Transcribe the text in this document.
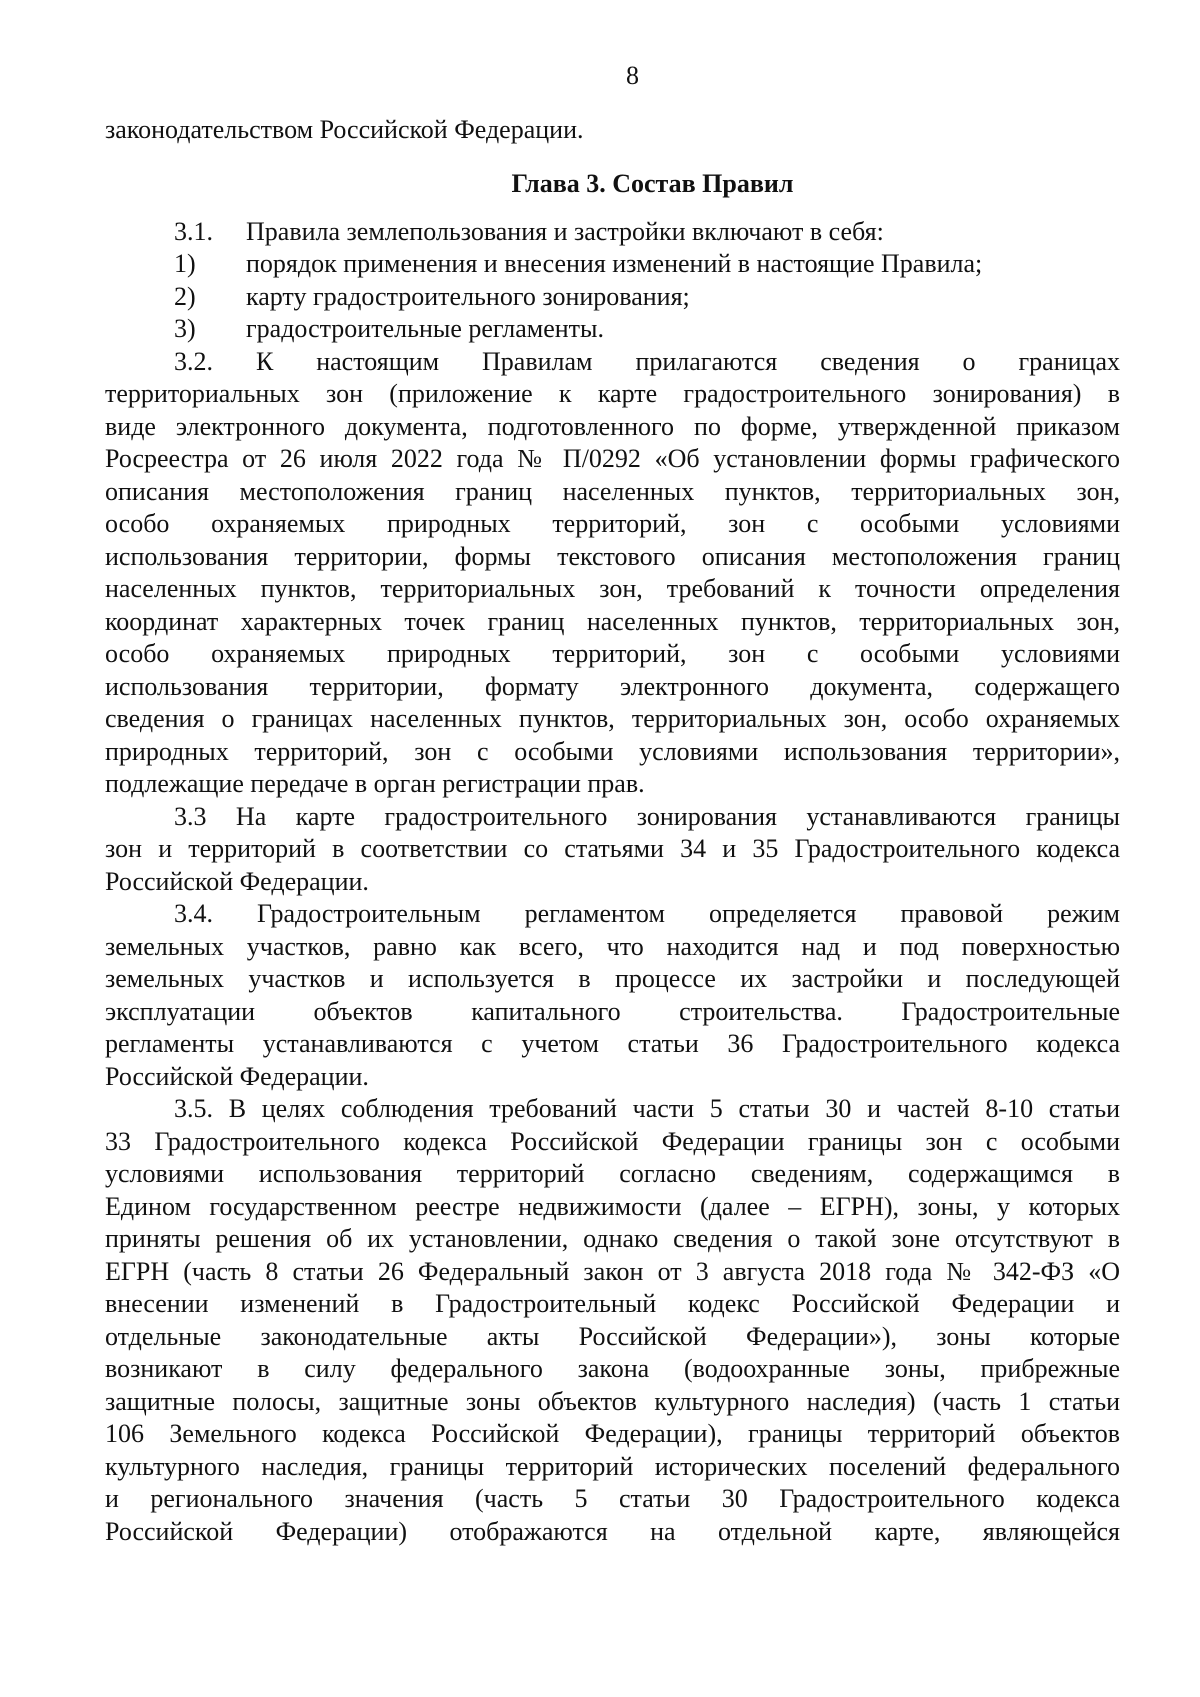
8

законодательством Российской Федерации.

Глава 3. Состав Правил
3.1.	Правила землепользования и застройки включают в себя:
1)	порядок применения и внесения изменений в настоящие Правила;
2)	карту градостроительного зонирования;
3)	градостроительные регламенты.

3.2. К настоящим Правилам прилагаются сведения о границах

территориальных зон (приложение к карте градостроительного зонирования) в

виде электронного документа, подготовленного по форме, утвержденной приказом

Росреестра от 26 июля 2022 года № П/0292 «Об установлении формы графического

описания местоположения границ населенных пунктов, территориальных зон,

особо охраняемых природных территорий, зон с особыми условиями

использования территории, формы текстового описания местоположения границ

населенных пунктов, территориальных зон, требований к точности определения

координат характерных точек границ населенных пунктов, территориальных зон,

особо охраняемых природных территорий, зон с особыми условиями

использования территории, формату электронного документа, содержащего

сведения о границах населенных пунктов, территориальных зон, особо охраняемых

природных территорий, зон с особыми условиями использования территории»,

подлежащие передаче в орган регистрации прав.

3.3 На карте градостроительного зонирования устанавливаются границы

зон и территорий в соответствии со статьями 34 и 35 Градостроительного кодекса

Российской Федерации.

3.4. Градостроительным регламентом определяется правовой режим

земельных участков, равно как всего, что находится над и под поверхностью

земельных участков и используется в процессе их застройки и последующей

эксплуатации объектов капитального строительства. Градостроительные

регламенты устанавливаются с учетом статьи 36 Градостроительного кодекса

Российской Федерации.

3.5. В целях соблюдения требований части 5 статьи 30 и частей 8-10 статьи

33 Градостроительного кодекса Российской Федерации границы зон с особыми

условиями использования территорий согласно сведениям, содержащимся в

Едином государственном реестре недвижимости (далее – ЕГРН), зоны, у которых

приняты решения об их установлении, однако сведения о такой зоне отсутствуют в

ЕГРН (часть 8 статьи 26 Федеральный закон от 3 августа 2018 года № 342-ФЗ «О

внесении изменений в Градостроительный кодекс Российской Федерации и

отдельные законодательные акты Российской Федерации»), зоны которые

возникают в силу федерального закона (водоохранные зоны, прибрежные

защитные полосы, защитные зоны объектов культурного наследия) (часть 1 статьи

106 Земельного кодекса Российской Федерации), границы территорий объектов

культурного наследия, границы территорий исторических поселений федерального

и регионального значения (часть 5 статьи 30 Градостроительного кодекса

Российской Федерации) отображаются на отдельной карте, являющейся
